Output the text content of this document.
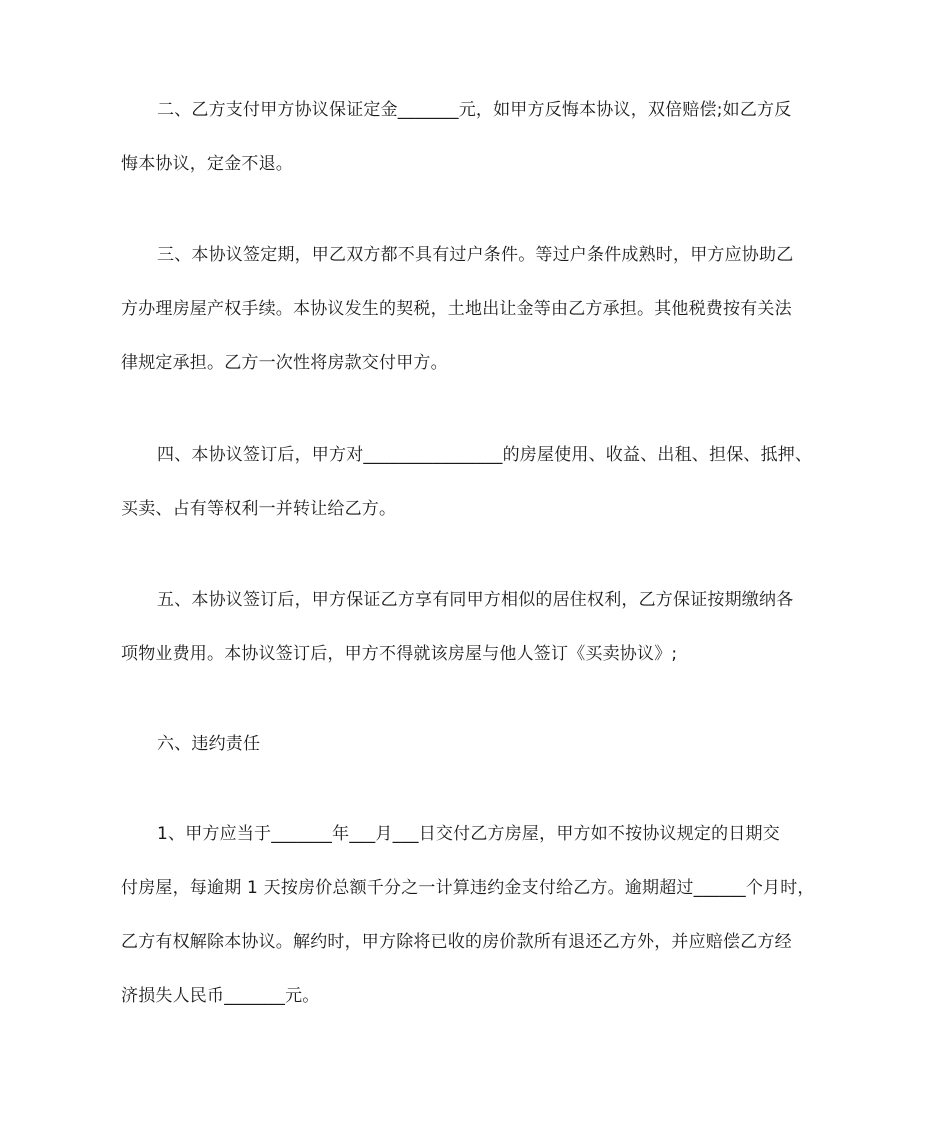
二、乙方支付甲方协议保证定金_______元，如甲方反悔本协议，双倍赔偿;如乙方反
悔本协议，定金不退。
三、本协议签定期，甲乙双方都不具有过户条件。等过户条件成熟时，甲方应协助乙
方办理房屋产权手续。本协议发生的契税，土地出让金等由乙方承担。其他税费按有关法
律规定承担。乙方一次性将房款交付甲方。
四、本协议签订后，甲方对________________的房屋使用、收益、出租、担保、抵押、
买卖、占有等权利一并转让给乙方。
五、本协议签订后，甲方保证乙方享有同甲方相似的居住权利，乙方保证按期缴纳各
项物业费用。本协议签订后，甲方不得就该房屋与他人签订《买卖协议》;
六、违约责任
1、甲方应当于_______年___月___日交付乙方房屋，甲方如不按协议规定的日期交
付房屋，每逾期 1 天按房价总额千分之一计算违约金支付给乙方。逾期超过______个月时，
乙方有权解除本协议。解约时，甲方除将已收的房价款所有退还乙方外，并应赔偿乙方经
济损失人民币_______元。
